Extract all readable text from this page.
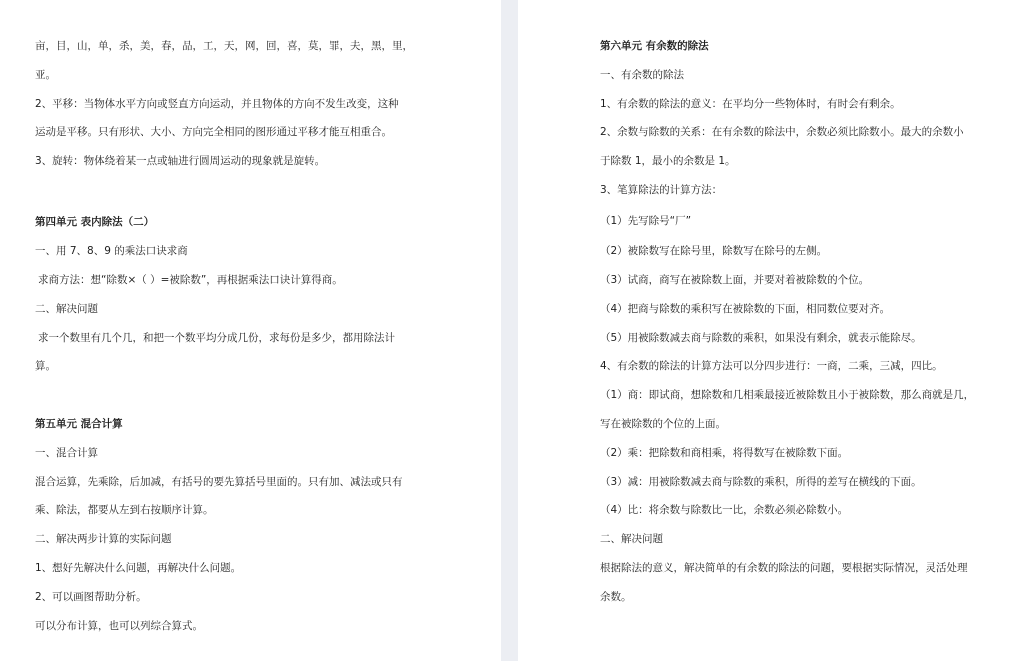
亩，目，山，单，杀，美，春，品，工，天，网，回，喜，莫，罪，夫，黑，里，
亚。
2、平移：当物体水平方向或竖直方向运动，并且物体的方向不发生改变，这种
运动是平移。只有形状、大小、方向完全相同的图形通过平移才能互相重合。
3、旋转：物体绕着某一点或轴进行圆周运动的现象就是旋转。
第四单元 表内除法（二）
一、用 7、8、9 的乘法口诀求商
求商方法：想“除数×（ ）=被除数”，再根据乘法口诀计算得商。
二、解决问题
求一个数里有几个几，和把一个数平均分成几份，求每份是多少，都用除法计
算。
第五单元 混合计算
一、混合计算
混合运算，先乘除，后加减，有括号的要先算括号里面的。只有加、减法或只有
乘、除法，都要从左到右按顺序计算。
二、解决两步计算的实际问题
1、想好先解决什么问题，再解决什么问题。
2、可以画图帮助分析。
可以分布计算，也可以列综合算式。
第六单元 有余数的除法
一、有余数的除法
1、有余数的除法的意义：在平均分一些物体时，有时会有剩余。
2、余数与除数的关系：在有余数的除法中，余数必须比除数小。最大的余数小
于除数 1，最小的余数是 1。
3、笔算除法的计算方法：
（1）先写除号“厂”
（2）被除数写在除号里，除数写在除号的左侧。
（3）试商，商写在被除数上面，并要对着被除数的个位。
（4）把商与除数的乘积写在被除数的下面，相同数位要对齐。
（5）用被除数减去商与除数的乘积，如果没有剩余，就表示能除尽。
4、有余数的除法的计算方法可以分四步进行：一商，二乘，三减，四比。
（1）商：即试商，想除数和几相乘最接近被除数且小于被除数，那么商就是几，
写在被除数的个位的上面。
（2）乘：把除数和商相乘，将得数写在被除数下面。
（3）减：用被除数减去商与除数的乘积，所得的差写在横线的下面。
（4）比：将余数与除数比一比，余数必须必除数小。
二、解决问题
根据除法的意义，解决简单的有余数的除法的问题，要根据实际情况，灵活处理
余数。
